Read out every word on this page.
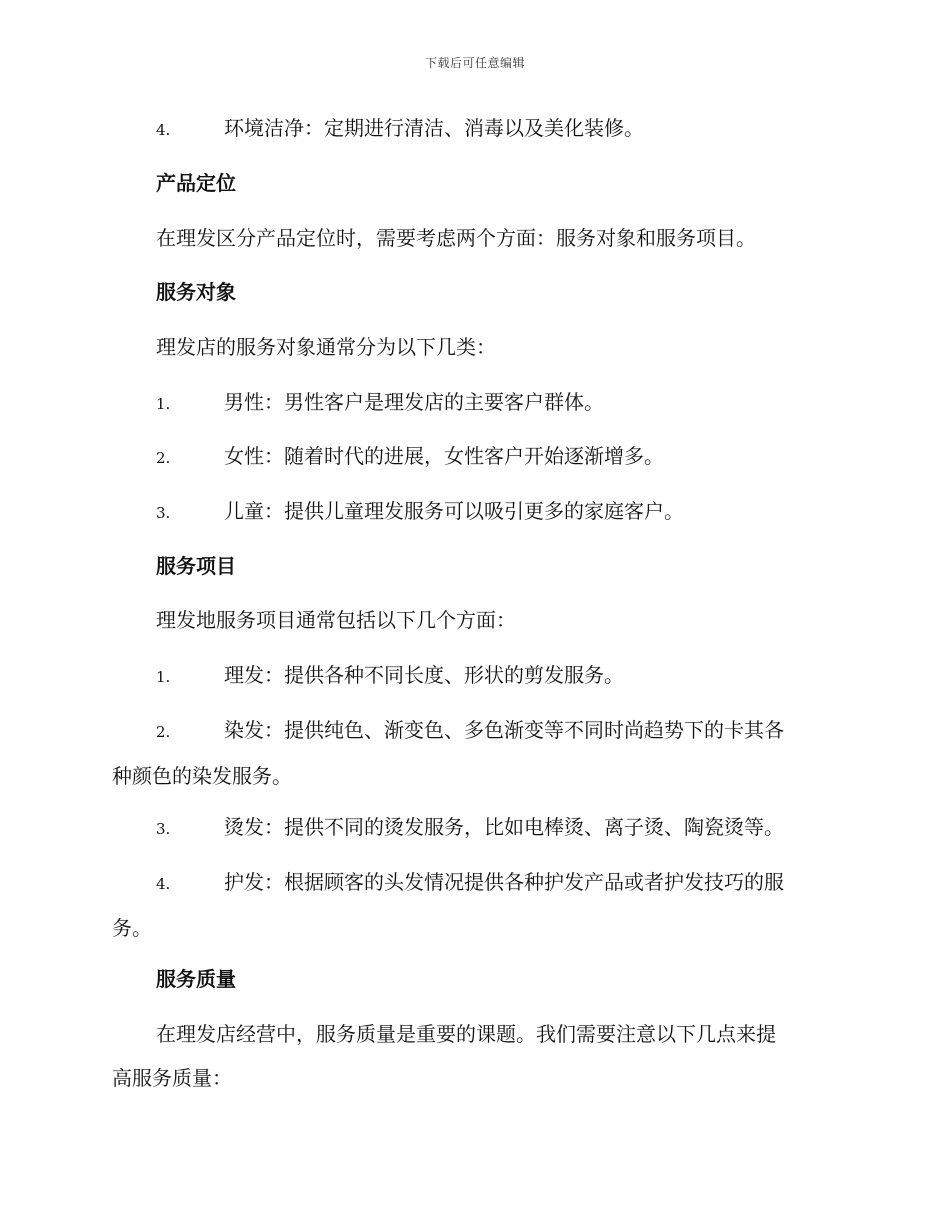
下载后可任意编辑

4.	环境洁净：定期进行清洁、消毒以及美化装修。

产品定位

在理发区分产品定位时，需要考虑两个方面：服务对象和服务项目。

服务对象

理发店的服务对象通常分为以下几类：

1.	男性：男性客户是理发店的主要客户群体。

2.	女性：随着时代的进展，女性客户开始逐渐增多。

3.	儿童：提供儿童理发服务可以吸引更多的家庭客户。

服务项目

理发地服务项目通常包括以下几个方面：

1.	理发：提供各种不同长度、形状的剪发服务。

2.	染发：提供纯色、渐变色、多色渐变等不同时尚趋势下的卡其各
种颜色的染发服务。

3.	烫发：提供不同的烫发服务，比如电棒烫、离子烫、陶瓷烫等。

4.	护发：根据顾客的头发情况提供各种护发产品或者护发技巧的服
务。

服务质量

在理发店经营中，服务质量是重要的课题。我们需要注意以下几点来提
高服务质量：
